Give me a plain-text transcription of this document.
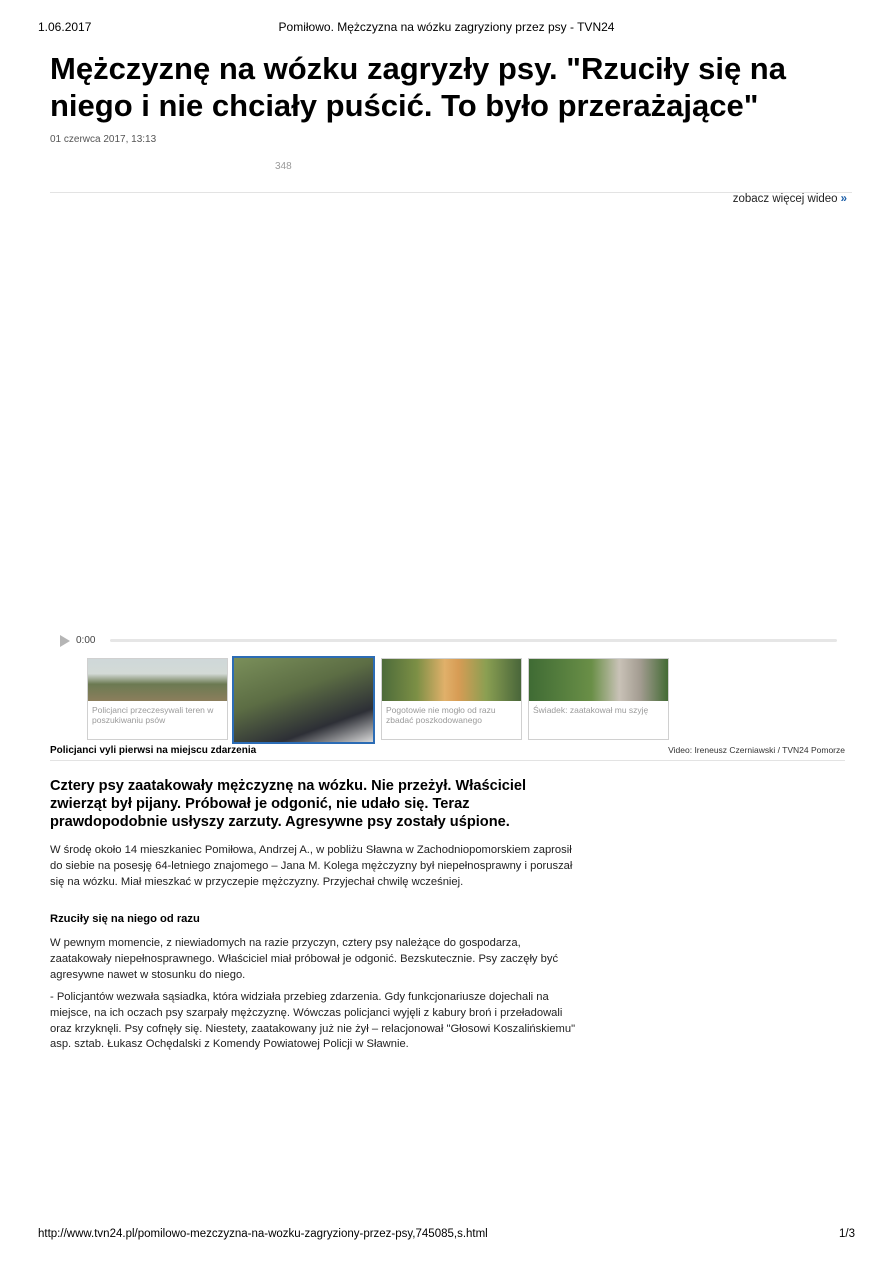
1.06.2017	Pomiłowo. Mężczyzna na wózku zagryziony przez psy - TVN24
Mężczyznę na wózku zagryzły psy. "Rzuciły się na niego i nie chciały puścić. To było przerażające"
01 czerwca 2017, 13:13
348
zobacz więcej wideo »
0:00
Policjanci przeczesywali teren w poszukiwaniu psów
Pogotowie nie mogło od razu zbadać poszkodowanego
Świadek: zaatakował mu szyję
Policjanci vyli pierwsi na miejscu zdarzenia	Video: Ireneusz Czerniawski / TVN24 Pomorze

Cztery psy zaatakowały mężczyznę na wózku. Nie przeżył. Właściciel zwierząt był pijany. Próbował je odgonić, nie udało się. Teraz prawdopodobnie usłyszy zarzuty. Agresywne psy zostały uśpione.

W środę około 14 mieszkaniec Pomiłowa, Andrzej A., w pobliżu Sławna w Zachodniopomorskiem zaprosił do siebie na posesję 64-letniego znajomego – Jana M. Kolega mężczyzny był niepełnosprawny i poruszał się na wózku. Miał mieszkać w przyczepie mężczyzny. Przyjechał chwilę wcześniej.

Rzuciły się na niego od razu

W pewnym momencie, z niewiadomych na razie przyczyn, cztery psy należące do gospodarza, zaatakowały niepełnosprawnego. Właściciel miał próbował je odgonić. Bezskutecznie. Psy zaczęły być agresywne nawet w stosunku do niego.

- Policjantów wezwała sąsiadka, która widziała przebieg zdarzenia. Gdy funkcjonariusze dojechali na miejsce, na ich oczach psy szarpały mężczyznę. Wówczas policjanci wyjęli z kabury broń i przeładowali oraz krzyknęli. Psy cofnęły się. Niestety, zaatakowany już nie żył – relacjonował "Głosowi Koszalińskiemu" asp. sztab. Łukasz Ochędalski z Komendy Powiatowej Policji w Sławnie.

http://www.tvn24.pl/pomilowo-mezczyzna-na-wozku-zagryziony-przez-psy,745085,s.html	1/3
